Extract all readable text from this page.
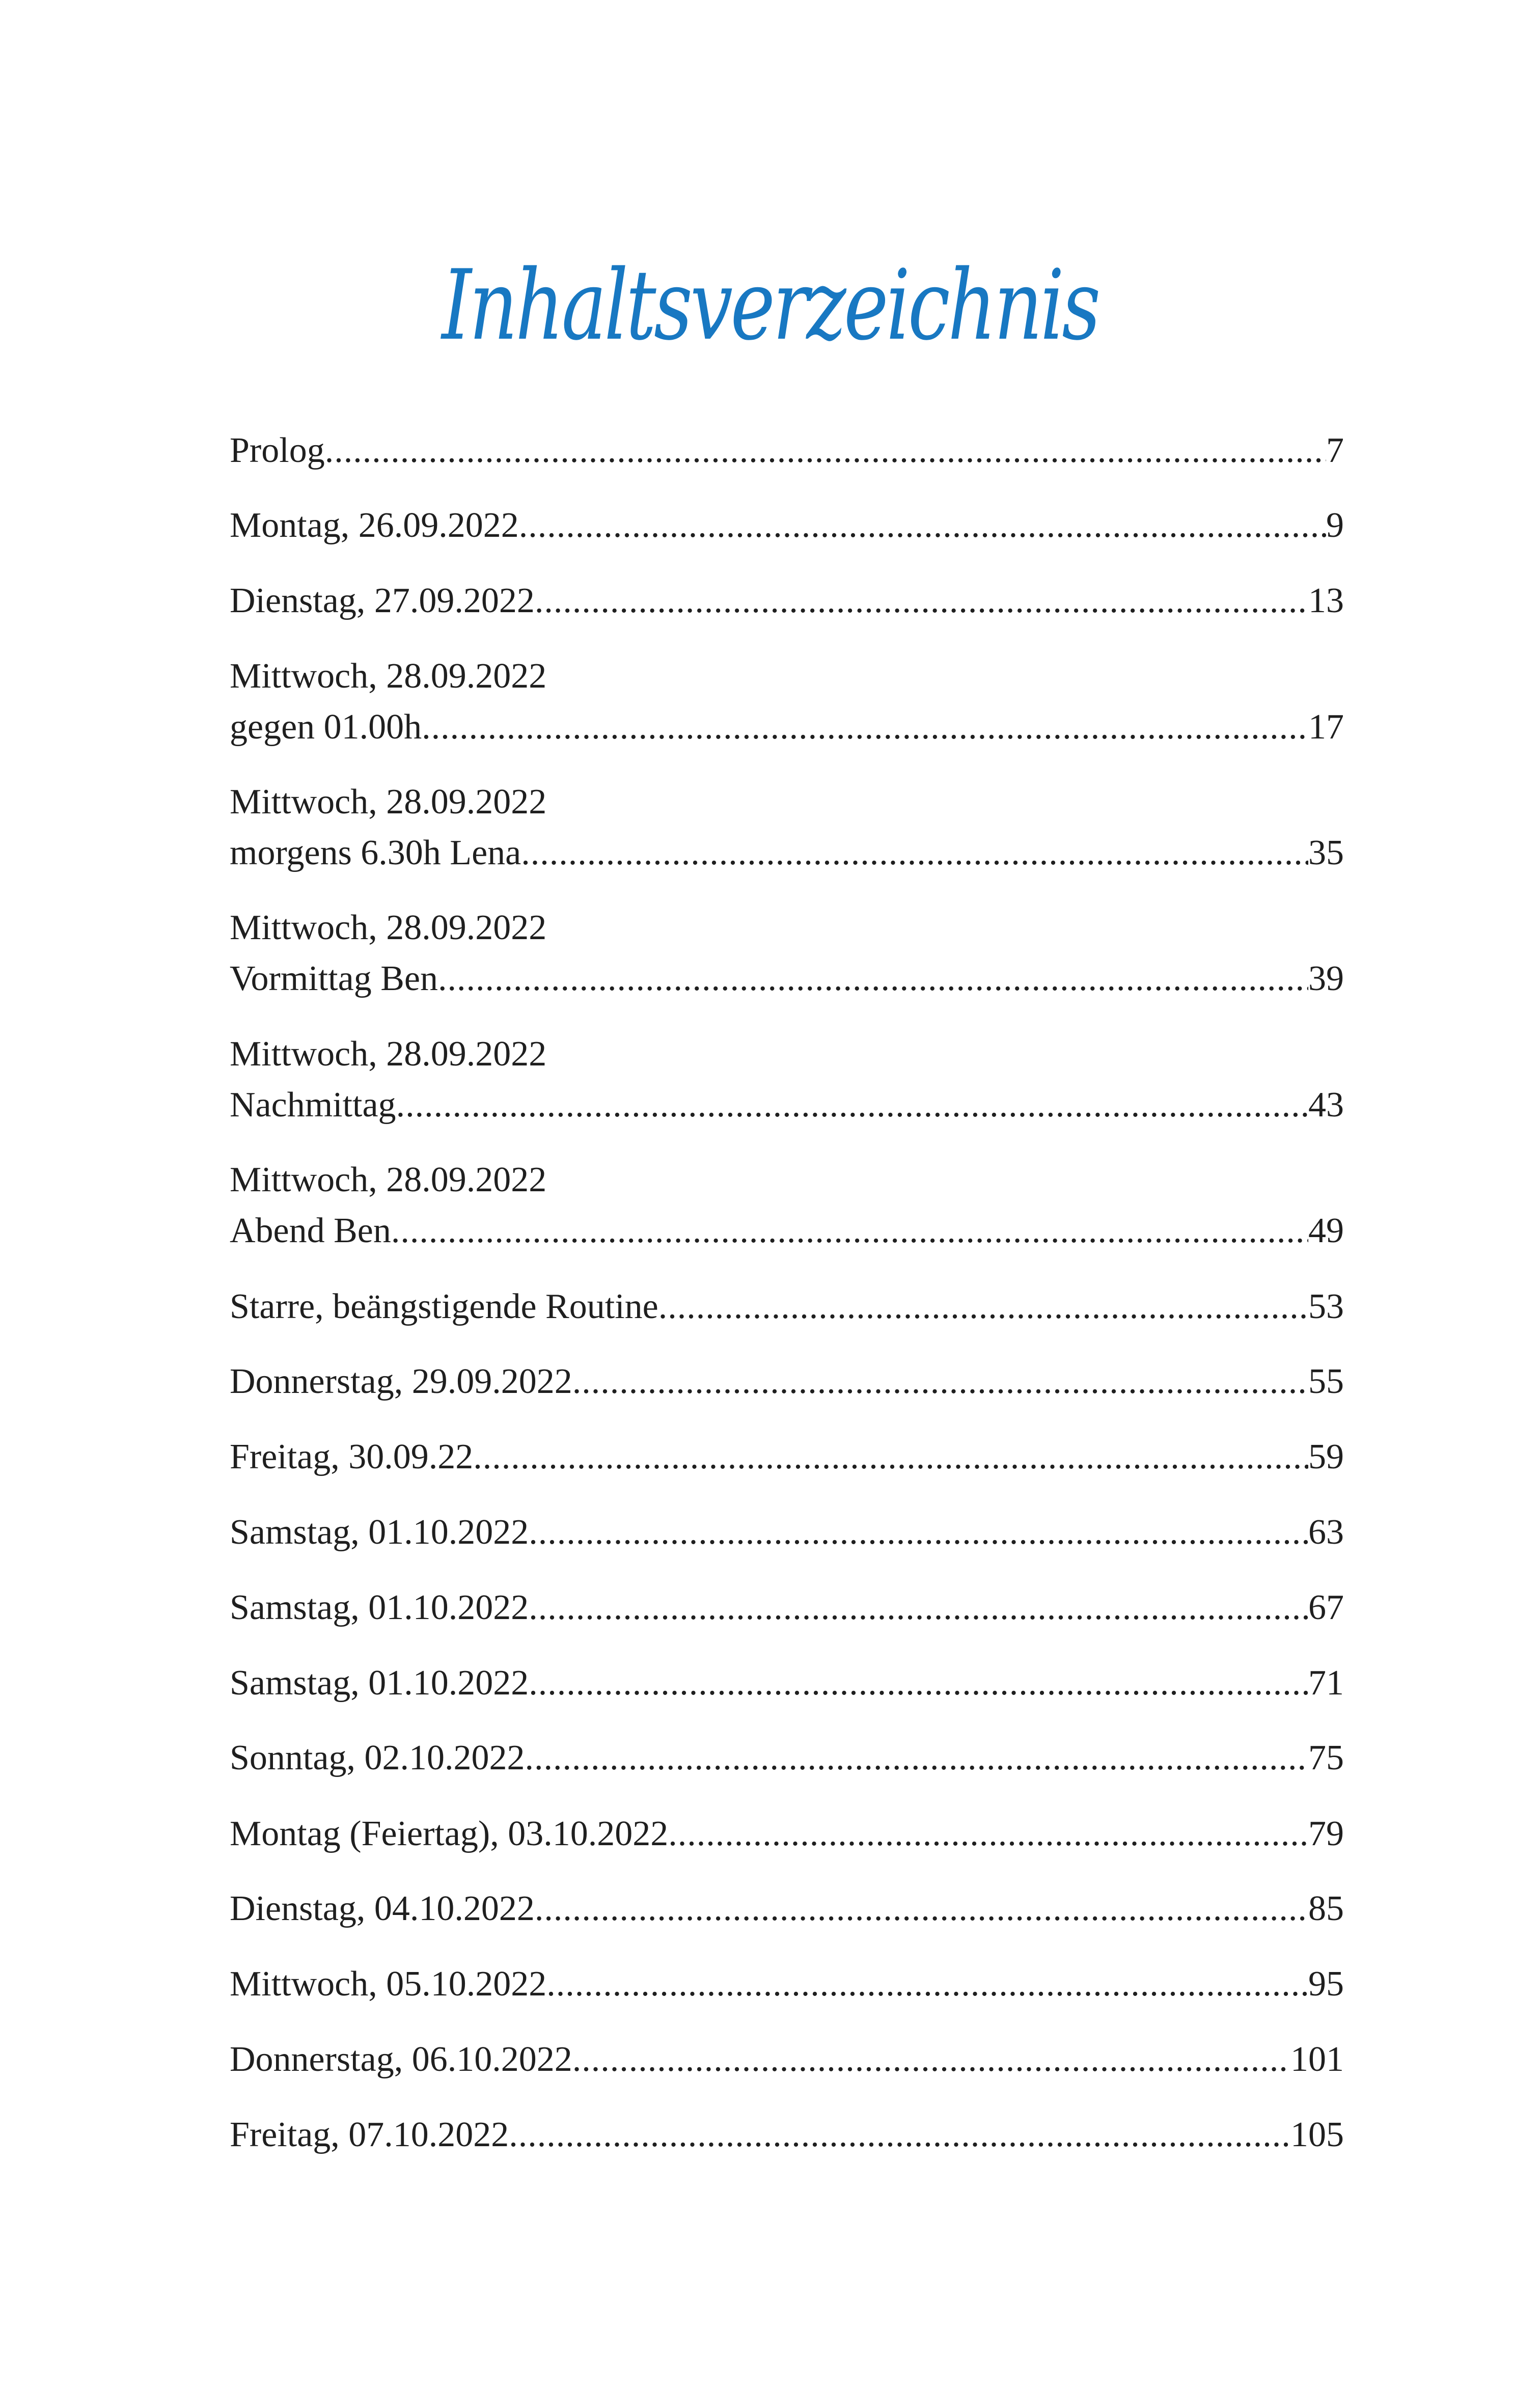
Inhaltsverzeichnis
Prolog .....	7
Montag, 26.09.2022 .....	9
Dienstag, 27.09.2022 .....	13
Mittwoch, 28.09.2022
gegen 01.00h .....	17
Mittwoch, 28.09.2022
morgens 6.30h Lena .....	35
Mittwoch, 28.09.2022
Vormittag Ben .....	39
Mittwoch, 28.09.2022
Nachmittag .....	43
Mittwoch, 28.09.2022
Abend Ben .....	49
Starre, beängstigende Routine .....	53
Donnerstag, 29.09.2022 .....	55
Freitag, 30.09.22 .....	59
Samstag, 01.10.2022 .....	63
Samstag, 01.10.2022 .....	67
Samstag, 01.10.2022 .....	71
Sonntag, 02.10.2022 .....	75
Montag (Feiertag), 03.10.2022 .....	79
Dienstag, 04.10.2022 .....	85
Mittwoch, 05.10.2022 .....	95
Donnerstag, 06.10.2022 .....	101
Freitag, 07.10.2022 .....	105
